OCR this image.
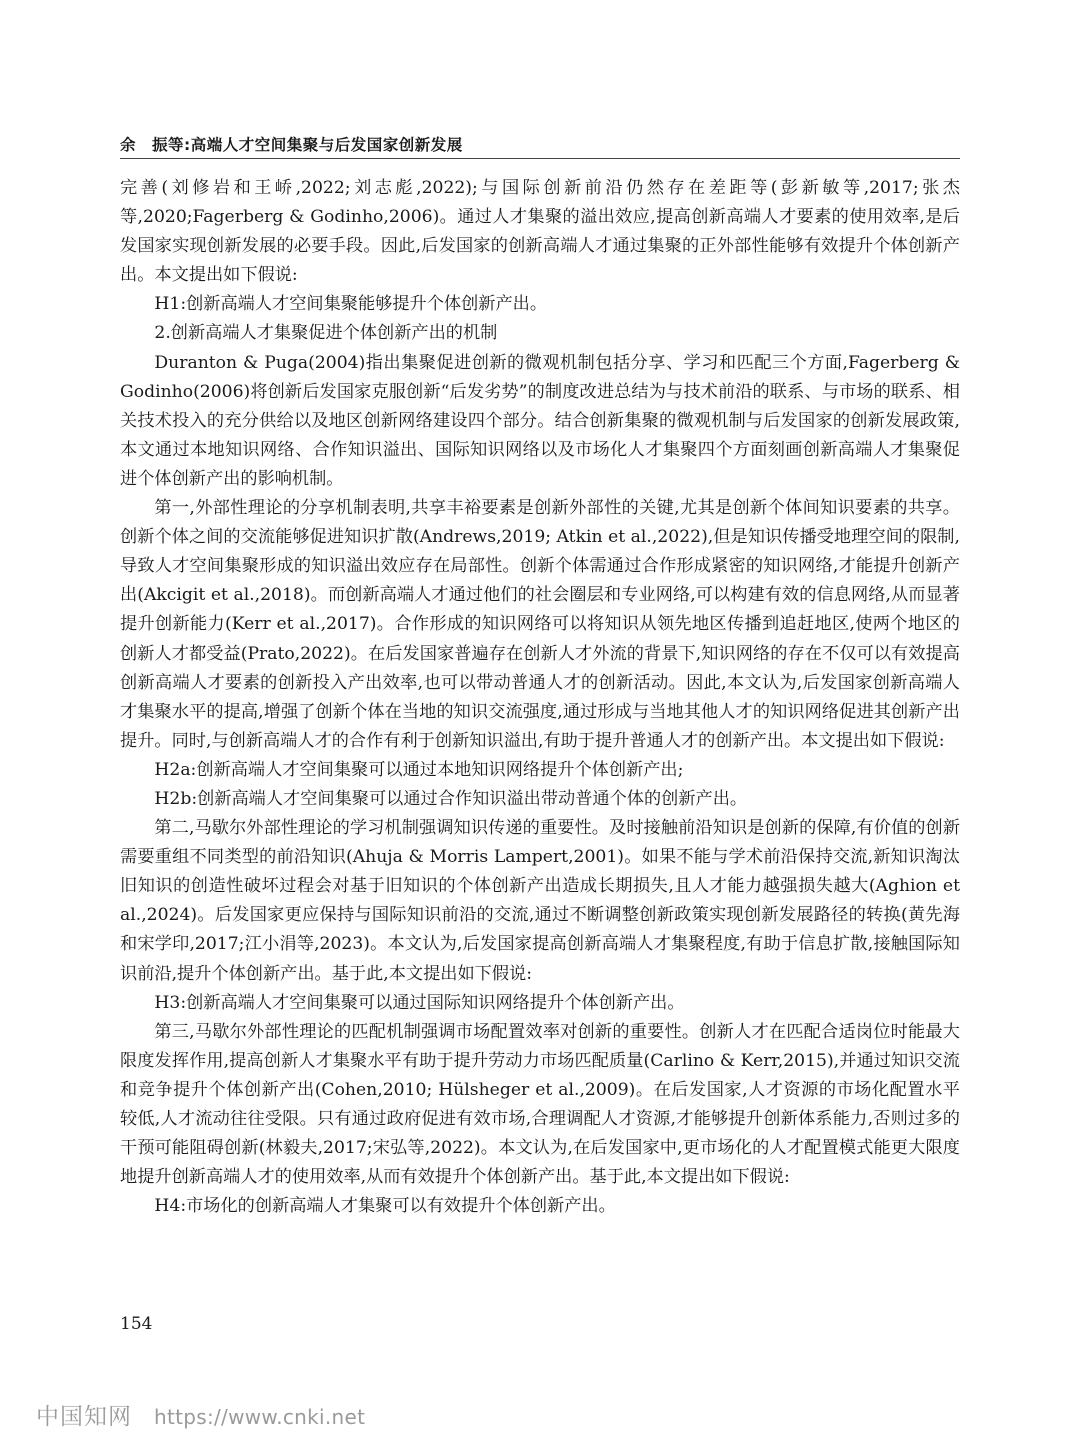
余　振等:高端人才空间集聚与后发国家创新发展

完善(刘修岩和王峤,2022;刘志彪,2022);与国际创新前沿仍然存在差距等(彭新敏等,2017;张杰等,2020;Fagerberg & Godinho,2006)。通过人才集聚的溢出效应,提高创新高端人才要素的使用效率,是后发国家实现创新发展的必要手段。因此,后发国家的创新高端人才通过集聚的正外部性能够有效提升个体创新产出。本文提出如下假说:

H1:创新高端人才空间集聚能够提升个体创新产出。

2.创新高端人才集聚促进个体创新产出的机制

Duranton & Puga(2004)指出集聚促进创新的微观机制包括分享、学习和匹配三个方面,Fagerberg & Godinho(2006)将创新后发国家克服创新“后发劣势”的制度改进总结为与技术前沿的联系、与市场的联系、相关技术投入的充分供给以及地区创新网络建设四个部分。结合创新集聚的微观机制与后发国家的创新发展政策,本文通过本地知识网络、合作知识溢出、国际知识网络以及市场化人才集聚四个方面刻画创新高端人才集聚促进个体创新产出的影响机制。

第一,外部性理论的分享机制表明,共享丰裕要素是创新外部性的关键,尤其是创新个体间知识要素的共享。创新个体之间的交流能够促进知识扩散(Andrews,2019; Atkin et al.,2022),但是知识传播受地理空间的限制,导致人才空间集聚形成的知识溢出效应存在局部性。创新个体需通过合作形成紧密的知识网络,才能提升创新产出(Akcigit et al.,2018)。而创新高端人才通过他们的社会圈层和专业网络,可以构建有效的信息网络,从而显著提升创新能力(Kerr et al.,2017)。合作形成的知识网络可以将知识从领先地区传播到追赶地区,使两个地区的创新人才都受益(Prato,2022)。在后发国家普遍存在创新人才外流的背景下,知识网络的存在不仅可以有效提高创新高端人才要素的创新投入产出效率,也可以带动普通人才的创新活动。因此,本文认为,后发国家创新高端人才集聚水平的提高,增强了创新个体在当地的知识交流强度,通过形成与当地其他人才的知识网络促进其创新产出提升。同时,与创新高端人才的合作有利于创新知识溢出,有助于提升普通人才的创新产出。本文提出如下假说:

H2a:创新高端人才空间集聚可以通过本地知识网络提升个体创新产出;

H2b:创新高端人才空间集聚可以通过合作知识溢出带动普通个体的创新产出。

第二,马歇尔外部性理论的学习机制强调知识传递的重要性。及时接触前沿知识是创新的保障,有价值的创新需要重组不同类型的前沿知识(Ahuja & Morris Lampert,2001)。如果不能与学术前沿保持交流,新知识淘汰旧知识的创造性破坏过程会对基于旧知识的个体创新产出造成长期损失,且人才能力越强损失越大(Aghion et al.,2024)。后发国家更应保持与国际知识前沿的交流,通过不断调整创新政策实现创新发展路径的转换(黄先海和宋学印,2017;江小涓等,2023)。本文认为,后发国家提高创新高端人才集聚程度,有助于信息扩散,接触国际知识前沿,提升个体创新产出。基于此,本文提出如下假说:

H3:创新高端人才空间集聚可以通过国际知识网络提升个体创新产出。

第三,马歇尔外部性理论的匹配机制强调市场配置效率对创新的重要性。创新人才在匹配合适岗位时能最大限度发挥作用,提高创新人才集聚水平有助于提升劳动力市场匹配质量(Carlino & Kerr,2015),并通过知识交流和竞争提升个体创新产出(Cohen,2010; Hülsheger et al.,2009)。在后发国家,人才资源的市场化配置水平较低,人才流动往往受限。只有通过政府促进有效市场,合理调配人才资源,才能够提升创新体系能力,否则过多的干预可能阻碍创新(林毅夫,2017;宋弘等,2022)。本文认为,在后发国家中,更市场化的人才配置模式能更大限度地提升创新高端人才的使用效率,从而有效提升个体创新产出。基于此,本文提出如下假说:

H4:市场化的创新高端人才集聚可以有效提升个体创新产出。

154
中国知网 https://www.cnki.net
